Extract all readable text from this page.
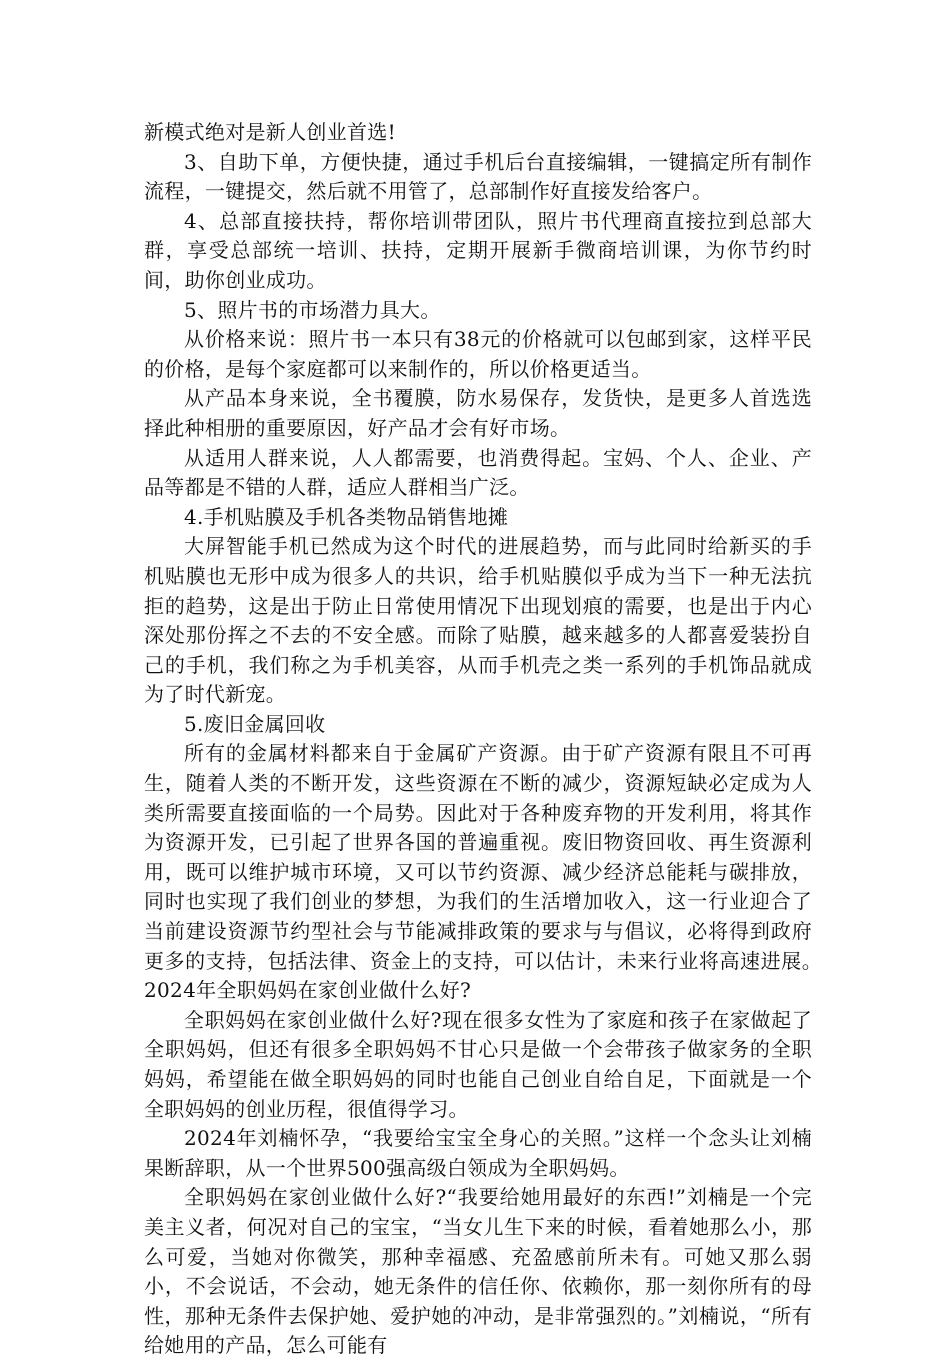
新模式绝对是新人创业首选!

3、自助下单，方便快捷，通过手机后台直接编辑，一键搞定所有制作流程，一键提交，然后就不用管了，总部制作好直接发给客户。

4、总部直接扶持，帮你培训带团队，照片书代理商直接拉到总部大群，享受总部统一培训、扶持，定期开展新手微商培训课，为你节约时间，助你创业成功。

5、照片书的市场潜力具大。

从价格来说：照片书一本只有38元的价格就可以包邮到家，这样平民的价格，是每个家庭都可以来制作的，所以价格更适当。

从产品本身来说，全书覆膜，防水易保存，发货快，是更多人首选选择此种相册的重要原因，好产品才会有好市场。

从适用人群来说，人人都需要，也消费得起。宝妈、个人、企业、产品等都是不错的人群，适应人群相当广泛。

4.手机贴膜及手机各类物品销售地摊

大屏智能手机已然成为这个时代的进展趋势，而与此同时给新买的手机贴膜也无形中成为很多人的共识，给手机贴膜似乎成为当下一种无法抗拒的趋势，这是出于防止日常使用情况下出现划痕的需要，也是出于内心深处那份挥之不去的不安全感。而除了贴膜，越来越多的人都喜爱装扮自己的手机，我们称之为手机美容，从而手机壳之类一系列的手机饰品就成为了时代新宠。

5.废旧金属回收

所有的金属材料都来自于金属矿产资源。由于矿产资源有限且不可再生，随着人类的不断开发，这些资源在不断的减少，资源短缺必定成为人类所需要直接面临的一个局势。因此对于各种废弃物的开发利用，将其作为资源开发，已引起了世界各国的普遍重视。废旧物资回收、再生资源利用，既可以维护城市环境，又可以节约资源、减少经济总能耗与碳排放，同时也实现了我们创业的梦想，为我们的生活增加收入，这一行业迎合了当前建设资源节约型社会与节能减排政策的要求与与倡议，必将得到政府更多的支持，包括法律、资金上的支持，可以估计，未来行业将高速进展。　　2024年全职妈妈在家创业做什么好?

全职妈妈在家创业做什么好?现在很多女性为了家庭和孩子在家做起了全职妈妈，但还有很多全职妈妈不甘心只是做一个会带孩子做家务的全职妈妈，希望能在做全职妈妈的同时也能自己创业自给自足，下面就是一个全职妈妈的创业历程，很值得学习。

2024年刘楠怀孕，“我要给宝宝全身心的关照。”这样一个念头让刘楠果断辞职，从一个世界500强高级白领成为全职妈妈。

全职妈妈在家创业做什么好?“我要给她用最好的东西!”刘楠是一个完美主义者，何况对自己的宝宝，“当女儿生下来的时候，看着她那么小，那么可爱，当她对你微笑，那种幸福感、充盈感前所未有。可她又那么弱小，不会说话，不会动，她无条件的信任你、依赖你，那一刻你所有的母性，那种无条件去保护她、爱护她的冲动，是非常强烈的。”刘楠说，“所有给她用的产品，怎么可能有
